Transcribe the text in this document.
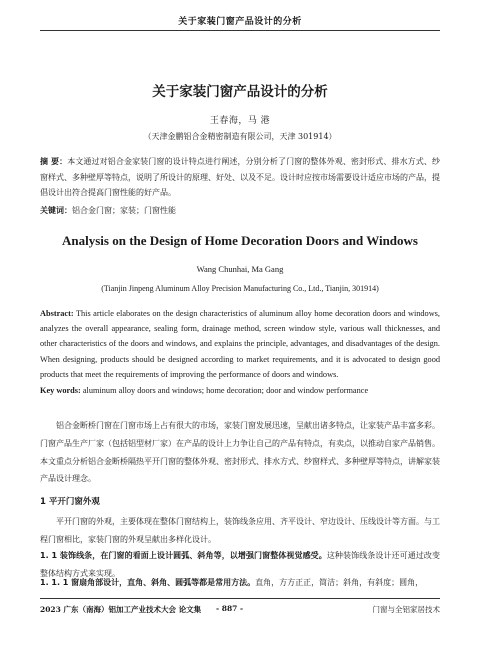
关于家装门窗产品设计的分析
关于家装门窗产品设计的分析
王春海，马 港
（天津金鹏铝合金精密制造有限公司，天津 301914）
摘 要：本文通过对铝合金家装门窗的设计特点进行阐述，分别分析了门窗的整体外观、密封形式、排水方式、纱窗样式、多种壁厚等特点，说明了所设计的原理、好处、以及不足。设计时应按市场需要设计适应市场的产品，提倡设计出符合提高门窗性能的好产品。
关键词：铝合金门窗；家装；门窗性能
Analysis on the Design of Home Decoration Doors and Windows
Wang Chunhai, Ma Gang
(Tianjin Jinpeng Aluminum Alloy Precision Manufacturing Co., Ltd., Tianjin, 301914)
Abstract: This article elaborates on the design characteristics of aluminum alloy home decoration doors and windows, analyzes the overall appearance, sealing form, drainage method, screen window style, various wall thicknesses, and other characteristics of the doors and windows, and explains the principle, advantages, and disadvantages of the design. When designing, products should be designed according to market requirements, and it is advocated to design good products that meet the requirements of improving the performance of doors and windows.
Key words: aluminum alloy doors and windows; home decoration; door and window performance
铝合金断桥门窗在门窗市场上占有很大的市场，家装门窗发展迅速，呈献出诸多特点，让家装产品丰富多彩。门窗产品生产厂家（包括铝型材厂家）在产品的设计上力争让自己的产品有特点，有卖点，以推动自家产品销售。本文重点分析铝合金断桥隔热平开门窗的整体外观、密封形式、排水方式、纱窗样式、多种壁厚等特点，讲解家装产品设计理念。
1 平开门窗外观
平开门窗的外观，主要体现在整体门窗结构上，装饰线条应用、齐平设计、窄边设计、压线设计等方面。与工程门窗相比，家装门窗的外观呈献出多样化设计。
1. 1 装饰线条，在门窗的看面上设计圆弧、斜角等，以增强门窗整体视觉感受。这种装饰线条设计还可通过改变整体结构方式来实现。
1. 1. 1 窗扇角部设计，直角、斜角、圆弧等都是常用方法。直角，方方正正，简洁；斜角，有斜度；圆角，
2023 广东（南海）铝加工产业技术大会 论文集 - 887 -	门窗与全铝家居技术
